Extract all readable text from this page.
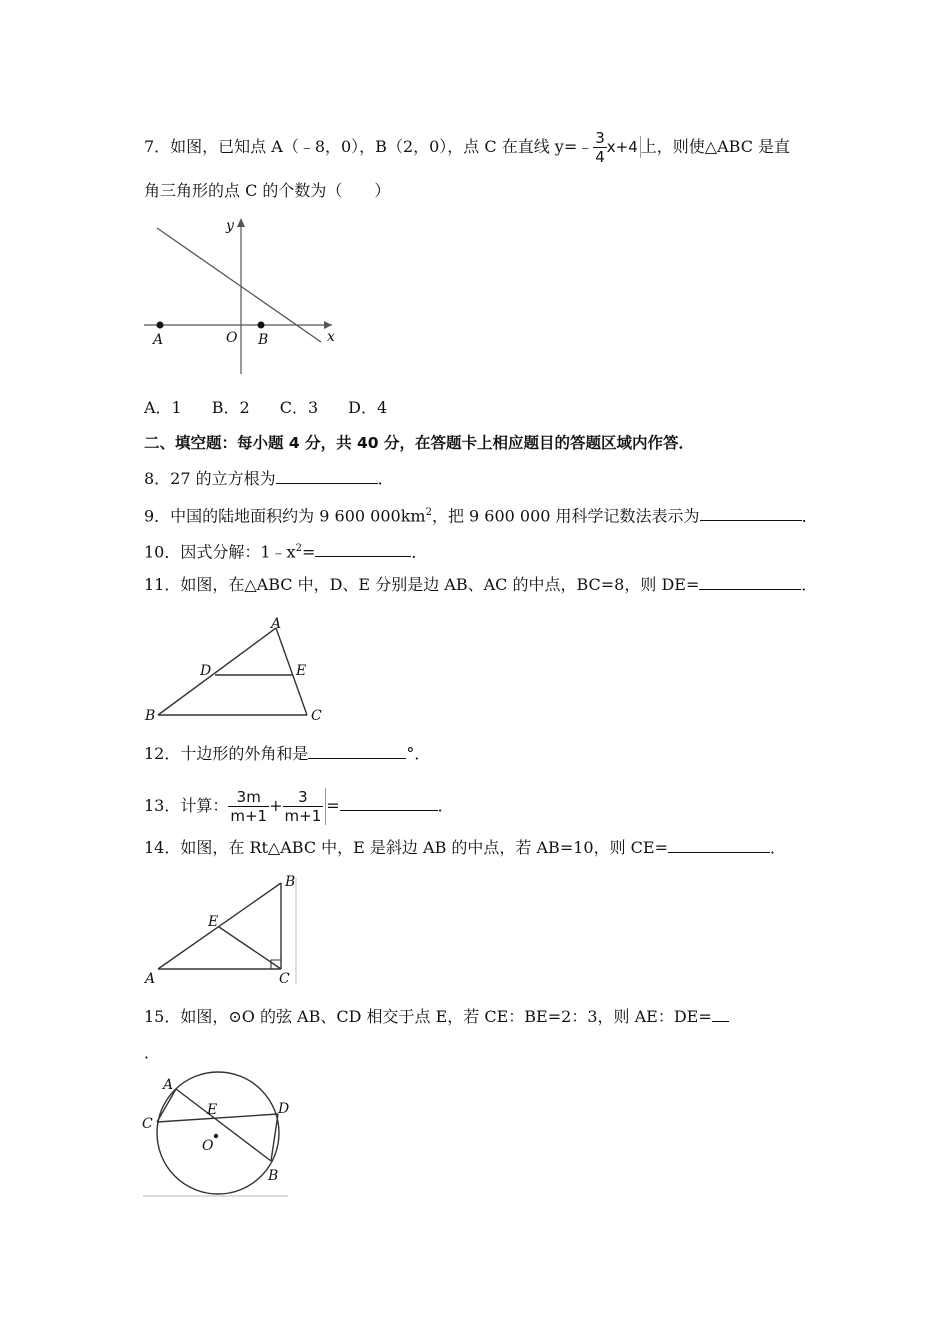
7．如图，已知点 A（﹣8，0），B（2，0），点 C 在直线 y=﹣ $\frac{3}{4} x+4$ 上，则使△ABC 是直
角三角形的点 C 的个数为（　　）
y
O
A	B	x
A．1 B．2 C．3 D．4
二、填空题：每小题 4 分，共 40 分，在答题卡上相应题目的答题区域内作答．
8．27 的立方根为	．
9．中国的陆地面积约为 9 600 $000km^2$，把 9 600 000 用科学记数法表示为	．
10．因式分解：$1﹣x^2=$	．
11．如图，在△ABC 中，D、E 分别是边 AB、AC 的中点，BC=8，则 DE=	．
A
D	E
B	C
12．十边形的外角和是	°．
13．计算： $\frac{3m}{m+1} + \frac{3}{m+1}$ =	．
14．如图，在 Rt△ABC 中，E 是斜边 AB 的中点，若 AB=10，则 CE=	．
B
E
A	C
15．如图，⊙O 的弦 AB、CD 相交于点 E，若 CE：BE=2：3，则 AE：DE=
．
A
E	D
C
O
B
